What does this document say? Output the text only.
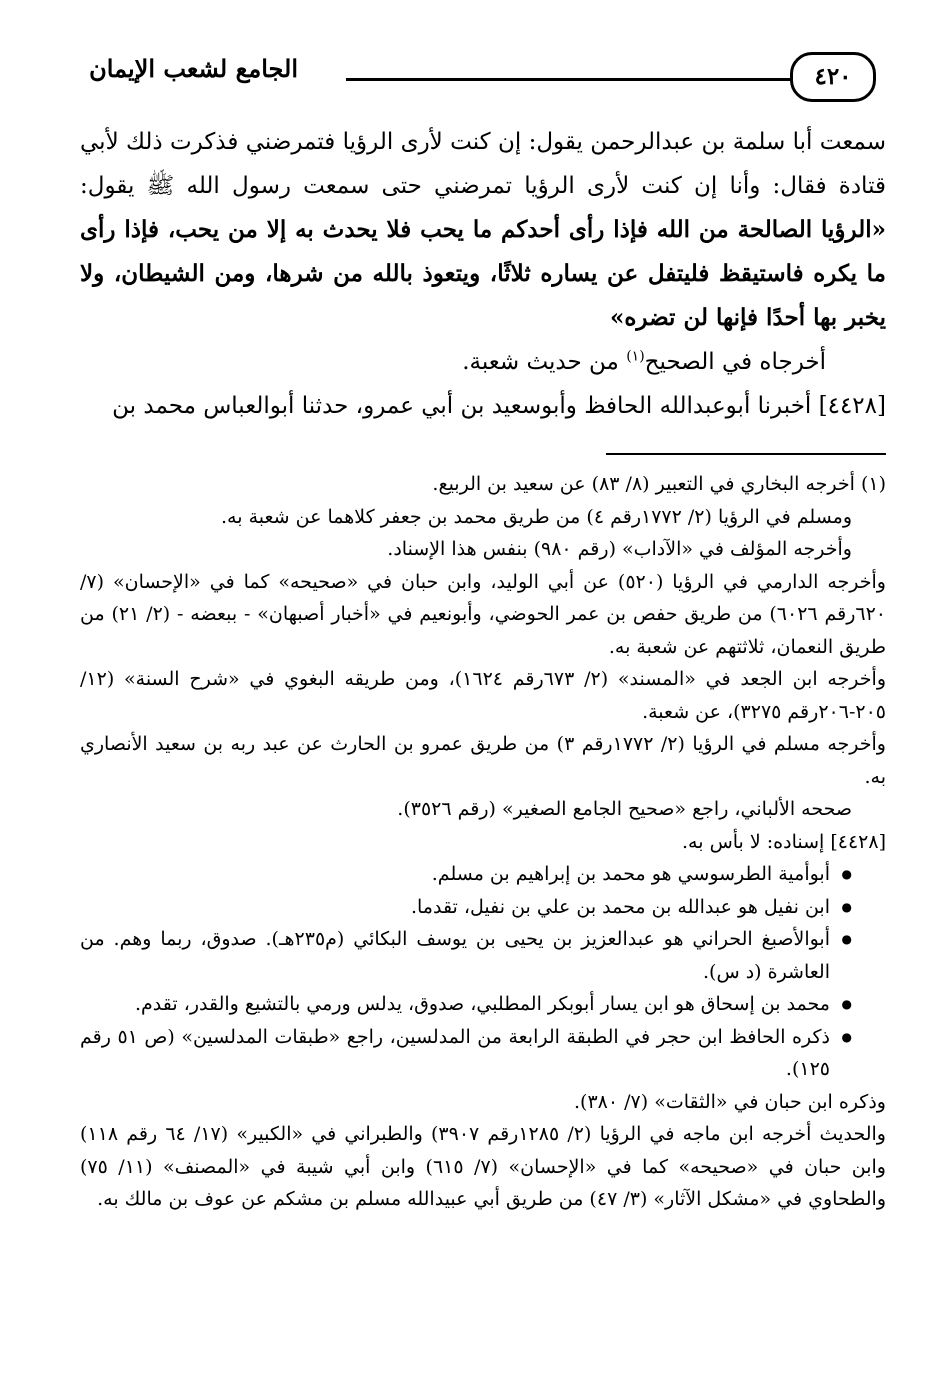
الجامع لشعب الإيمان	٤٢٠

سمعت أبا سلمة بن عبدالرحمن يقول: إن كنت لأرى الرؤيا فتمرضني فذكرت ذلك لأبي قتادة فقال: وأنا إن كنت لأرى الرؤيا تمرضني حتى سمعت رسول الله ﷺ يقول: «الرؤيا الصالحة من الله فإذا رأى أحدكم ما يحب فلا يحدث به إلا من يحب، فإذا رأى ما يكره فاستيقظ فليتفل عن يساره ثلاثًا، ويتعوذ بالله من شرها، ومن الشيطان، ولا يخبر بها أحدًا فإنها لن تضره»

أخرجاه في الصحيح$^{(١)}$ من حديث شعبة.

[٤٤٢٨] أخبرنا أبوعبدالله الحافظ وأبوسعيد بن أبي عمرو، حدثنا أبوالعباس محمد بن

(١) أخرجه البخاري في التعبير (٨/ ٨٣) عن سعيد بن الربيع.

ومسلم في الرؤيا (٢/ ١٧٧٢رقم ٤) من طريق محمد بن جعفر كلاهما عن شعبة به.

وأخرجه المؤلف في «الآداب» (رقم ٩٨٠) بنفس هذا الإسناد.

وأخرجه الدارمي في الرؤيا (٥٢٠) عن أبي الوليد، وابن حبان في «صحيحه» كما في «الإحسان» (٧/ ٦٢٠رقم ٦٠٢٦) من طريق حفص بن عمر الحوضي، وأبونعيم في «أخبار أصبهان» - ببعضه - (٢/ ٢١) من طريق النعمان، ثلاثتهم عن شعبة به.

وأخرجه ابن الجعد في «المسند» (٢/ ٦٧٣رقم ١٦٢٤)، ومن طريقه البغوي في «شرح السنة» (١٢/ ٢٠٥-٢٠٦رقم ٣٢٧٥)، عن شعبة.

وأخرجه مسلم في الرؤيا (٢/ ١٧٧٢رقم ٣) من طريق عمرو بن الحارث عن عبد ربه بن سعيد الأنصاري به.

صححه الألباني، راجع «صحيح الجامع الصغير» (رقم ٣٥٢٦).

[٤٤٢٨] إسناده: لا بأس به.

● أبوأمية الطرسوسي هو محمد بن إبراهيم بن مسلم.
● ابن نفيل هو عبدالله بن محمد بن علي بن نفيل، تقدما.
● أبوالأصبغ الحراني هو عبدالعزيز بن يحيى بن يوسف البكائي (م٢٣٥هـ). صدوق، ربما وهم. من العاشرة (د س).
● محمد بن إسحاق هو ابن يسار أبوبكر المطلبي، صدوق، يدلس ورمي بالتشيع والقدر، تقدم.
● ذكره الحافظ ابن حجر في الطبقة الرابعة من المدلسين، راجع «طبقات المدلسين» (ص ٥١ رقم ١٢٥).

وذكره ابن حبان في «الثقات» (٧/ ٣٨٠).

والحديث أخرجه ابن ماجه في الرؤيا (٢/ ١٢٨٥رقم ٣٩٠٧) والطبراني في «الكبير» (١٧/ ٦٤ رقم ١١٨) وابن حبان في «صحيحه» كما في «الإحسان» (٧/ ٦١٥) وابن أبي شيبة في «المصنف» (١١/ ٧٥) والطحاوي في «مشكل الآثار» (٣/ ٤٧) من طريق أبي عبيدالله مسلم بن مشكم عن عوف بن مالك به.
